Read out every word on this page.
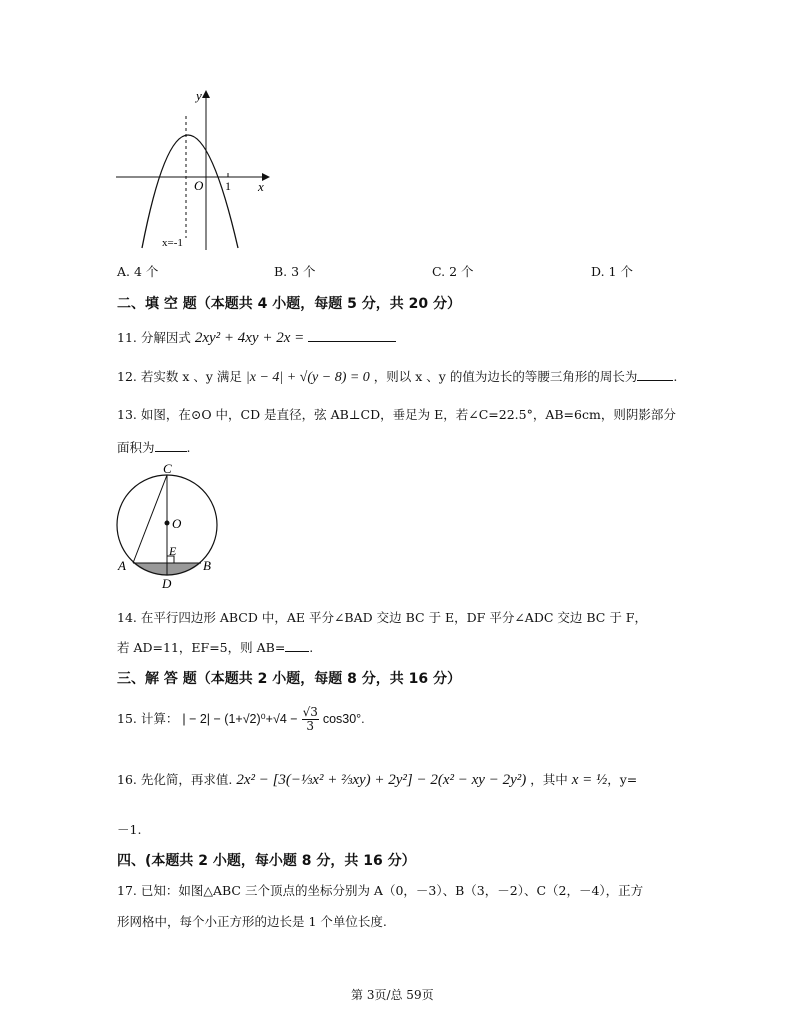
y
x
O 1
x=-1
A. 4 个	B. 3 个	C. 2 个	D. 1 个
二、填 空 题（本题共 4 小题，每题 5 分，共 20 分）
11. 分解因式 2xy² + 4xy + 2x =
12. 若实数 x 、y 满足 |x − 4| + √(y − 8) = 0 ，则以 x 、y 的值为边长的等腰三角形的周长为	.
13. 如图，在⊙O 中，CD 是直径，弦 AB⊥CD，垂足为 E，若∠C=22.5°，AB=6cm，则阴影部分
面积为	.
C
O
E
A
D
B
14. 在平行四边形 ABCD 中，AE 平分∠BAD 交边 BC 于 E，DF 平分∠ADC 交边 BC 于 F，
若 AD=11，EF=5，则 AB= .
三、解 答 题（本题共 2 小题，每题 8 分，共 16 分）
15. 计算： | − $2| - (1+√2)^0+√4 - \frac{√3}{3} \cos 30^\circ$.
16. 先化简，再求值. 2x² − [3(−⅓x² + ⅔xy) + 2y²] − 2(x² − xy − 2y²) ，其中 x = ½，y=
－1.
四、(本题共 2 小题，每小题 8 分，共 16 分）
17. 已知：如图△ABC 三个顶点的坐标分别为 A（0，－3）、B（3，－2）、C（2，－4），正方
形网格中，每个小正方形的边长是 1 个单位长度.
第 3页/总 59页
